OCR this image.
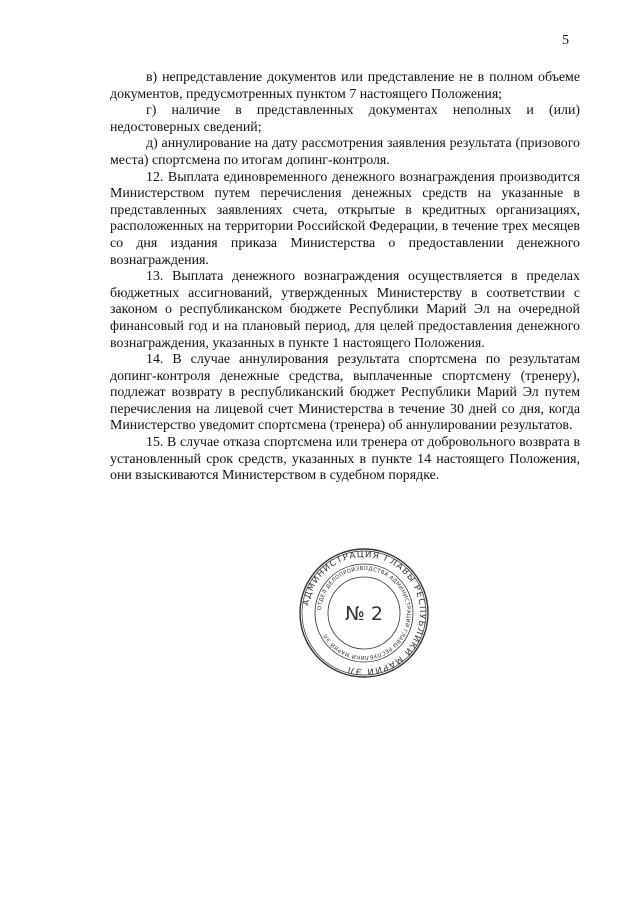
5

в) непредставление документов или представление не в полном объеме документов, предусмотренных пунктом 7 настоящего Положения;

г) наличие в представленных документах неполных и (или) недостоверных сведений;

д) аннулирование на дату рассмотрения заявления результата (призового места) спортсмена по итогам допинг-контроля.

12. Выплата единовременного денежного вознаграждения производится Министерством путем перечисления денежных средств на указанные в представленных заявлениях счета, открытые в кредитных организациях, расположенных на территории Российской Федерации, в течение трех месяцев со дня издания приказа Министерства о предоставлении денежного вознаграждения.

13. Выплата денежного вознаграждения осуществляется в пределах бюджетных ассигнований, утвержденных Министерству в соответствии с законом о республиканском бюджете Республики Марий Эл на очередной финансовый год и на плановый период, для целей предоставления денежного вознаграждения, указанных в пункте 1 настоящего Положения.

14. В случае аннулирования результата спортсмена по результатам допинг-контроля денежные средства, выплаченные спортсмену (тренеру), подлежат возврату в республиканский бюджет Республики Марий Эл путем перечисления на лицевой счет Министерства в течение 30 дней со дня, когда Министерство уведомит спортсмена (тренера) об аннулировании результатов.

15. В случае отказа спортсмена или тренера от добровольного возврата в установленный срок средств, указанных в пункте 14 настоящего Положения, они взыскиваются Министерством в судебном порядке.

АДМИНИСТРАЦИЯ ГЛАВЫ РЕСПУБЛИКИ МАРИЙ ЭЛ
ОТДЕЛ ДЕЛОПРОИЗВОДСТВА АДМИНИСТРАЦИИ ГЛАВЫ РЕСПУБЛИКИ МАРИЙ ЭЛ
№ 2
